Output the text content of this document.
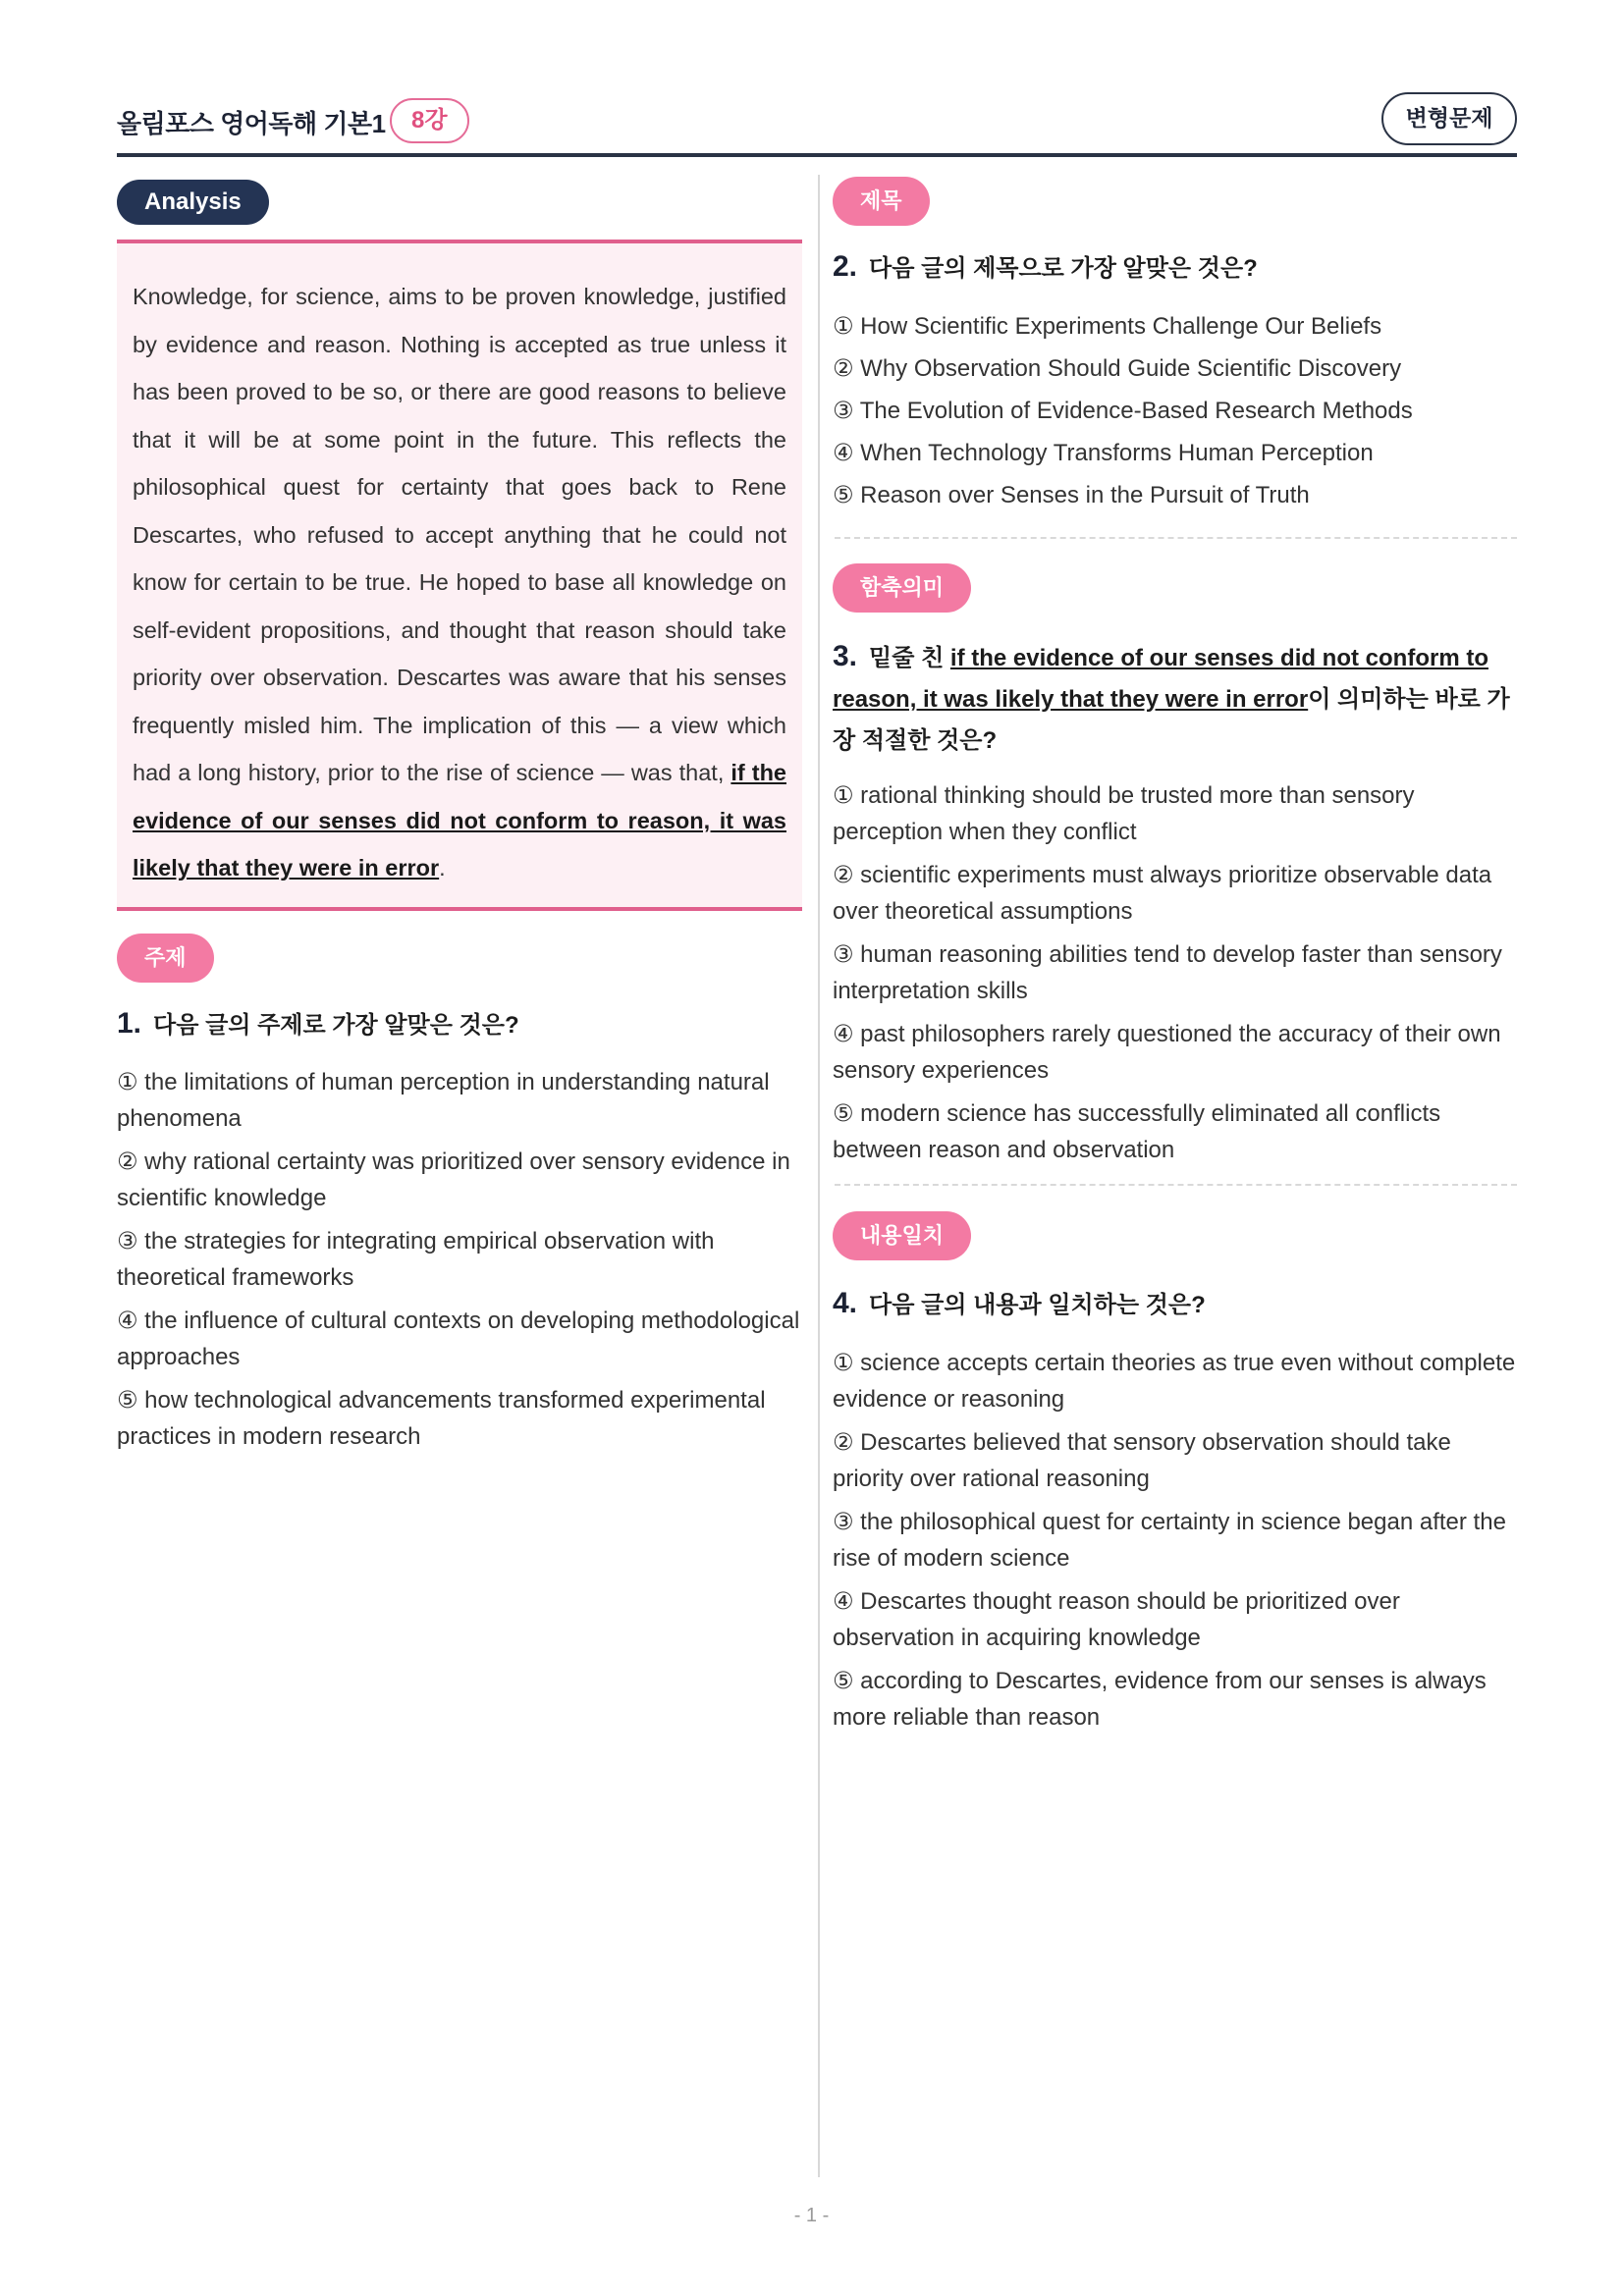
올림포스 영어독해 기본1	8강	변형문제
Analysis

Knowledge, for science, aims to be proven knowledge, justified by evidence and reason. Nothing is accepted as true unless it has been proved to be so, or there are good reasons to believe that it will be at some point in the future. This reflects the philosophical quest for certainty that goes back to Rene Descartes, who refused to accept anything that he could not know for certain to be true. He hoped to base all knowledge on self-evident propositions, and thought that reason should take priority over observation. Descartes was aware that his senses frequently misled him. The implication of this — a view which had a long history, prior to the rise of science — was that, if the evidence of our senses did not conform to reason, it was likely that they were in error.

주제
1. 다음 글의 주제로 가장 알맞은 것은?
① the limitations of human perception in understanding natural phenomena
② why rational certainty was prioritized over sensory evidence in scientific knowledge
③ the strategies for integrating empirical observation with theoretical frameworks
④ the influence of cultural contexts on developing methodological approaches
⑤ how technological advancements transformed experimental practices in modern research
제목
2. 다음 글의 제목으로 가장 알맞은 것은?
① How Scientific Experiments Challenge Our Beliefs
② Why Observation Should Guide Scientific Discovery
③ The Evolution of Evidence-Based Research Methods
④ When Technology Transforms Human Perception
⑤ Reason over Senses in the Pursuit of Truth
함축의미
3. 밑줄 친 if the evidence of our senses did not conform to reason, it was likely that they were in error이 의미하는 바로 가장 적절한 것은?
① rational thinking should be trusted more than sensory perception when they conflict
② scientific experiments must always prioritize observable data over theoretical assumptions
③ human reasoning abilities tend to develop faster than sensory interpretation skills
④ past philosophers rarely questioned the accuracy of their own sensory experiences
⑤ modern science has successfully eliminated all conflicts between reason and observation
내용일치
4. 다음 글의 내용과 일치하는 것은?
① science accepts certain theories as true even without complete evidence or reasoning
② Descartes believed that sensory observation should take priority over rational reasoning
③ the philosophical quest for certainty in science began after the rise of modern science
④ Descartes thought reason should be prioritized over observation in acquiring knowledge
⑤ according to Descartes, evidence from our senses is always more reliable than reason
- 1 -
